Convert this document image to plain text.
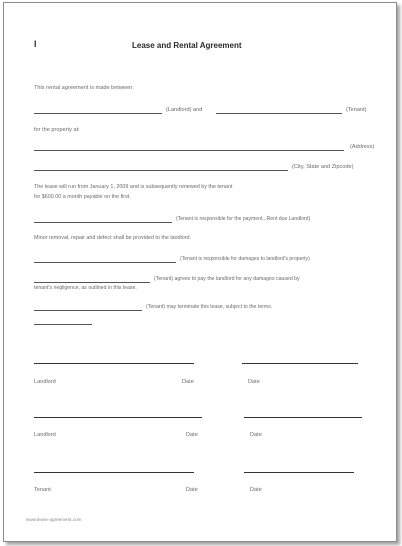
I	Lease and Rental Agreement
This rental agreement is made between:
(Landlord) and	(Tenant)
for the property at:
(Address)
(City, State and Zipcode)
The lease will run from January 1, 2009 and is subsequently renewed by the tenant
for $600.00 a month payable on the first.
(Tenant is responsible for the payment...Rent due Landlord)
Minor removal, repair and defect shall be provided to the landlord.
(Tenant is responsible for damages to landlord's property)
(Tenant) agrees to pay the landlord for any damages caused by
tenant's negligence, as outlined in this lease.
(Tenant) may terminate this lease, subject to the terms.
Landlord	Date	Date
Landlord	Date	Date
Tenant	Date	Date
www.lease-agreement.com
